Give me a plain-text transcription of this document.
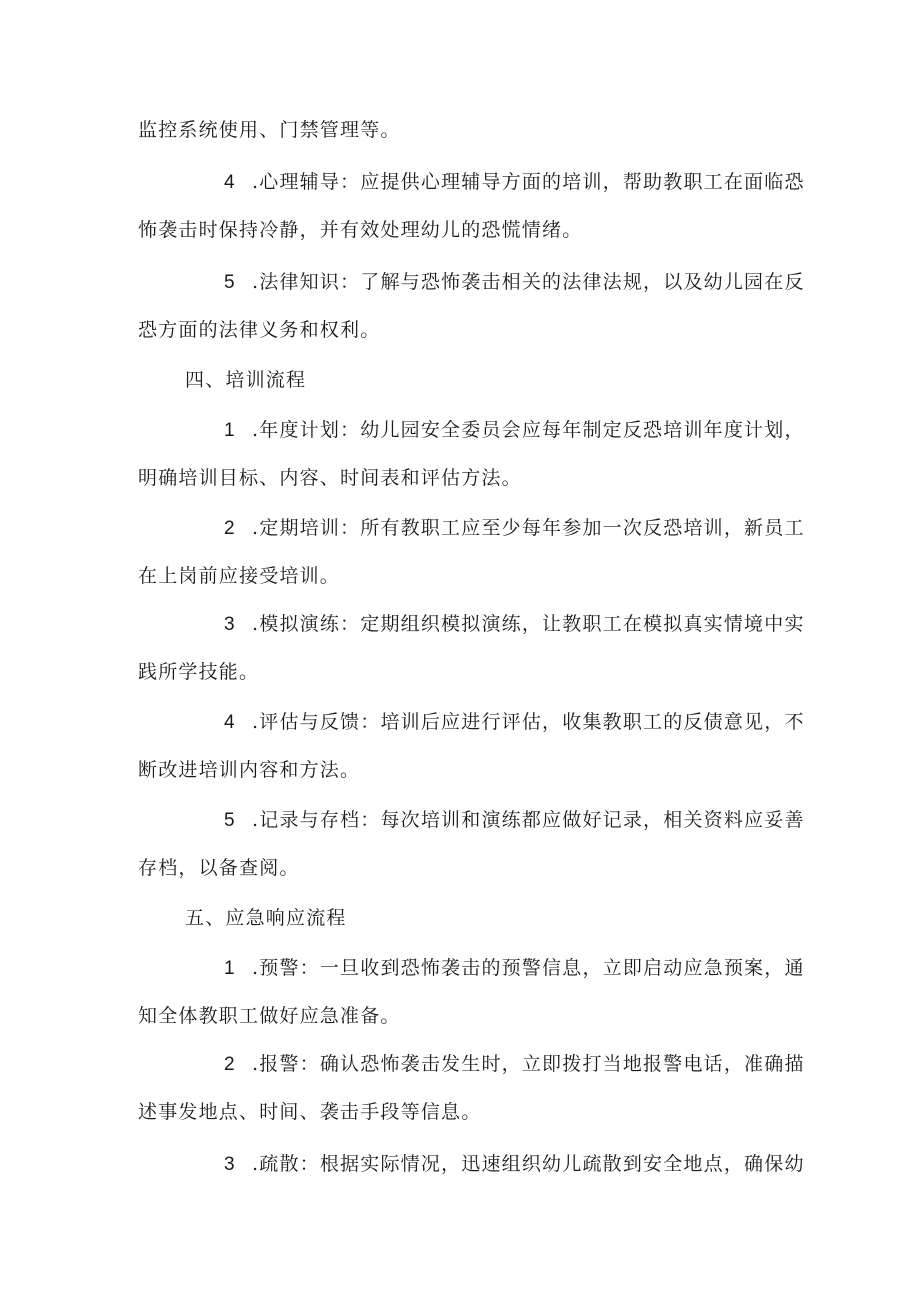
监控系统使用、门禁管理等。
4 .心理辅导：应提供心理辅导方面的培训，帮助教职工在面临恐
怖袭击时保持冷静，并有效处理幼儿的恐慌情绪。
5 .法律知识：了解与恐怖袭击相关的法律法规，以及幼儿园在反
恐方面的法律义务和权利。
四、培训流程
1 .年度计划：幼儿园安全委员会应每年制定反恐培训年度计划，
明确培训目标、内容、时间表和评估方法。
2 .定期培训：所有教职工应至少每年参加一次反恐培训，新员工
在上岗前应接受培训。
3 .模拟演练：定期组织模拟演练，让教职工在模拟真实情境中实
践所学技能。
4 .评估与反馈：培训后应进行评估，收集教职工的反债意见，不
断改进培训内容和方法。
5 .记录与存档：每次培训和演练都应做好记录，相关资料应妥善
存档，以备查阅。
五、应急响应流程
1 .预警：一旦收到恐怖袭击的预警信息，立即启动应急预案，通
知全体教职工做好应急准备。
2 .报警：确认恐怖袭击发生时，立即拨打当地报警电话，准确描
述事发地点、时间、袭击手段等信息。
3 .疏散：根据实际情况，迅速组织幼儿疏散到安全地点，确保幼
